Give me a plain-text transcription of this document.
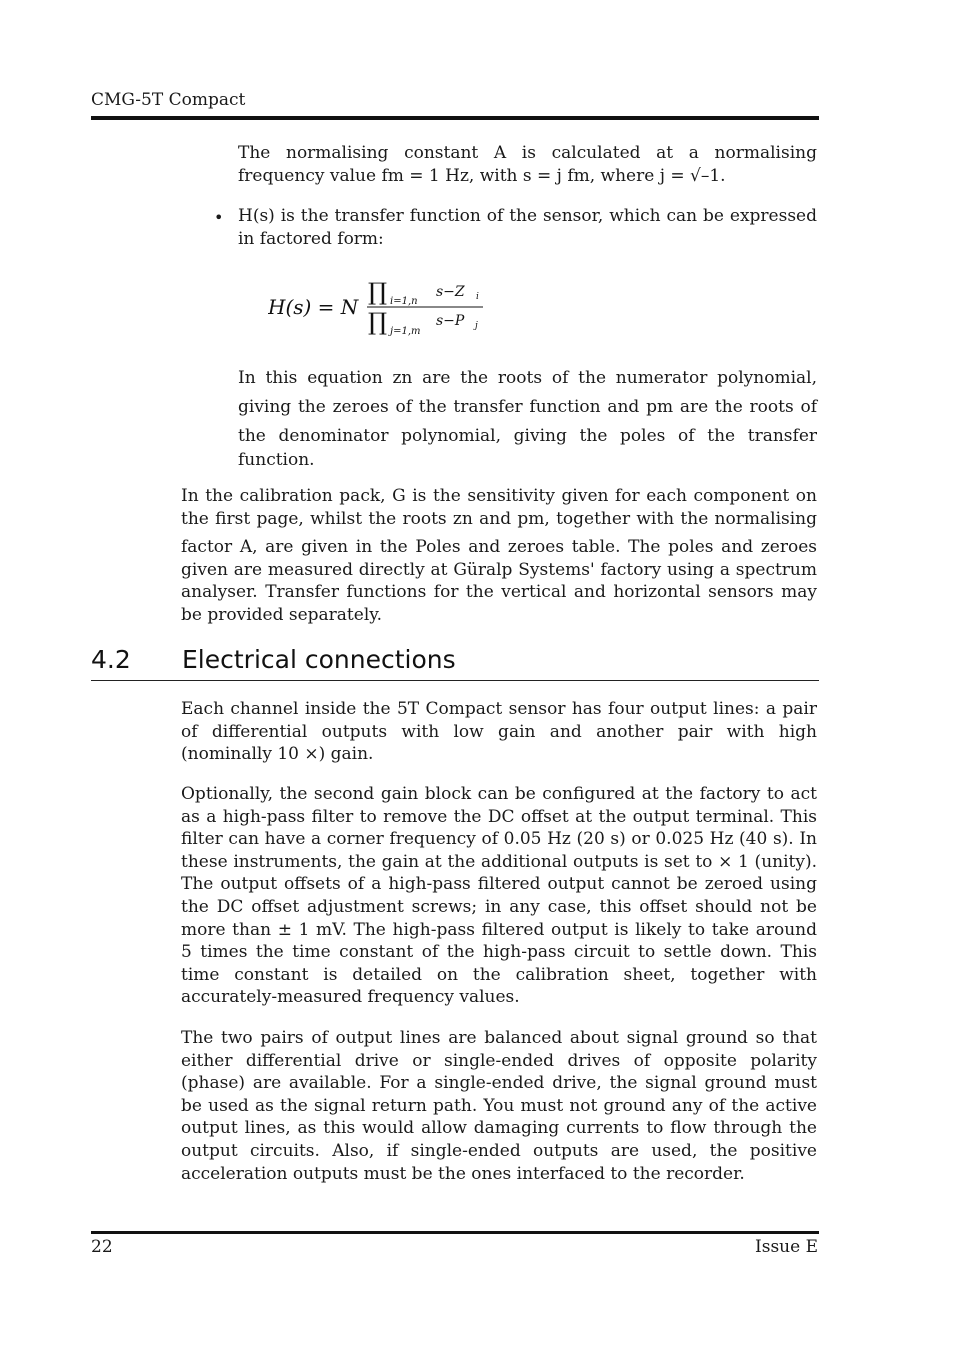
CMG-5T Compact
The normalising constant A is calculated at a normalising
frequency value fm = 1 Hz, with s = j fm, where j = √–1.
• H(s) is the transfer function of the sensor, which can be expressed
in factored form:
H(s) = N
∏ i=1,n
s−Z i
∏ j=1,m
s−P j
In this equation zn are the roots of the numerator polynomial,
giving the zeroes of the transfer function and pm are the roots of
the denominator polynomial, giving the poles of the transfer
function.
In the calibration pack, G is the sensitivity given for each component on
the first page, whilst the roots zn and pm, together with the normalising
factor A, are given in the Poles and zeroes table. The poles and zeroes
given are measured directly at Güralp Systems' factory using a spectrum
analyser. Transfer functions for the vertical and horizontal sensors may
be provided separately.
4.2 Electrical connections
Each channel inside the 5T Compact sensor has four output lines: a pair
of differential outputs with low gain and another pair with high
(nominally 10 ×) gain.
Optionally, the second gain block can be configured at the factory to act
as a high-pass filter to remove the DC offset at the output terminal. This
filter can have a corner frequency of 0.05 Hz (20 s) or 0.025 Hz (40 s). In
these instruments, the gain at the additional outputs is set to × 1 (unity).
The output offsets of a high-pass filtered output cannot be zeroed using
the DC offset adjustment screws; in any case, this offset should not be
more than ± 1 mV. The high-pass filtered output is likely to take around
5 times the time constant of the high-pass circuit to settle down. This
time constant is detailed on the calibration sheet, together with
accurately-measured frequency values.
The two pairs of output lines are balanced about signal ground so that
either differential drive or single-ended drives of opposite polarity
(phase) are available. For a single-ended drive, the signal ground must
be used as the signal return path. You must not ground any of the active
output lines, as this would allow damaging currents to flow through the
output circuits. Also, if single-ended outputs are used, the positive
acceleration outputs must be the ones interfaced to the recorder.
22	Issue E
